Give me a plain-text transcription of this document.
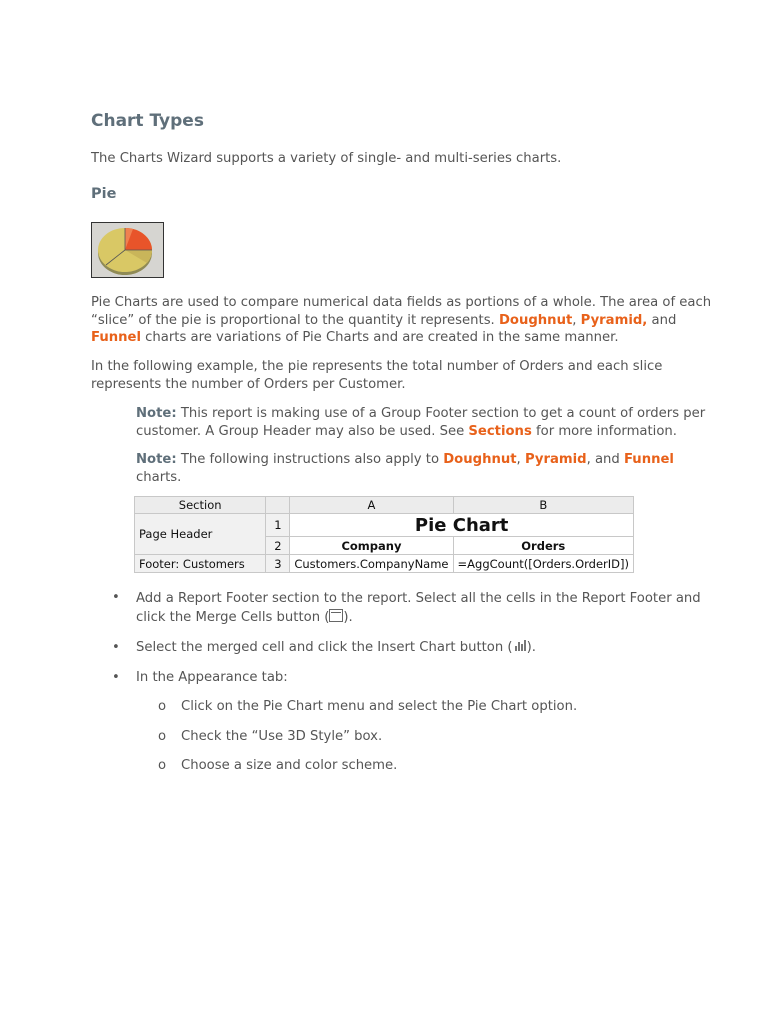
Chart Types
The Charts Wizard supports a variety of single- and multi-series charts.
Pie
Pie Charts are used to compare numerical data fields as portions of a whole. The area of each
“slice” of the pie is proportional to the quantity it represents. Doughnut, Pyramid, and
Funnel charts are variations of Pie Charts and are created in the same manner.
In the following example, the pie represents the total number of Orders and each slice
represents the number of Orders per Customer.
Note: This report is making use of a Group Footer section to get a count of orders per
customer. A Group Header may also be used. See Sections for more information.
Note: The following instructions also apply to Doughnut, Pyramid, and Funnel
charts.
Section		A	B
Page Header	1	Pie Chart	
	2	Company	Orders
Footer: Customers	3	Customers.CompanyName	=AggCount([Orders.OrderID])
• Add a Report Footer section to the report. Select all the cells in the Report Footer and
click the Merge Cells button ( ).
• Select the merged cell and click the Insert Chart button ( ).
• In the Appearance tab:
o Click on the Pie Chart menu and select the Pie Chart option.
o Check the “Use 3D Style” box.
o Choose a size and color scheme.
